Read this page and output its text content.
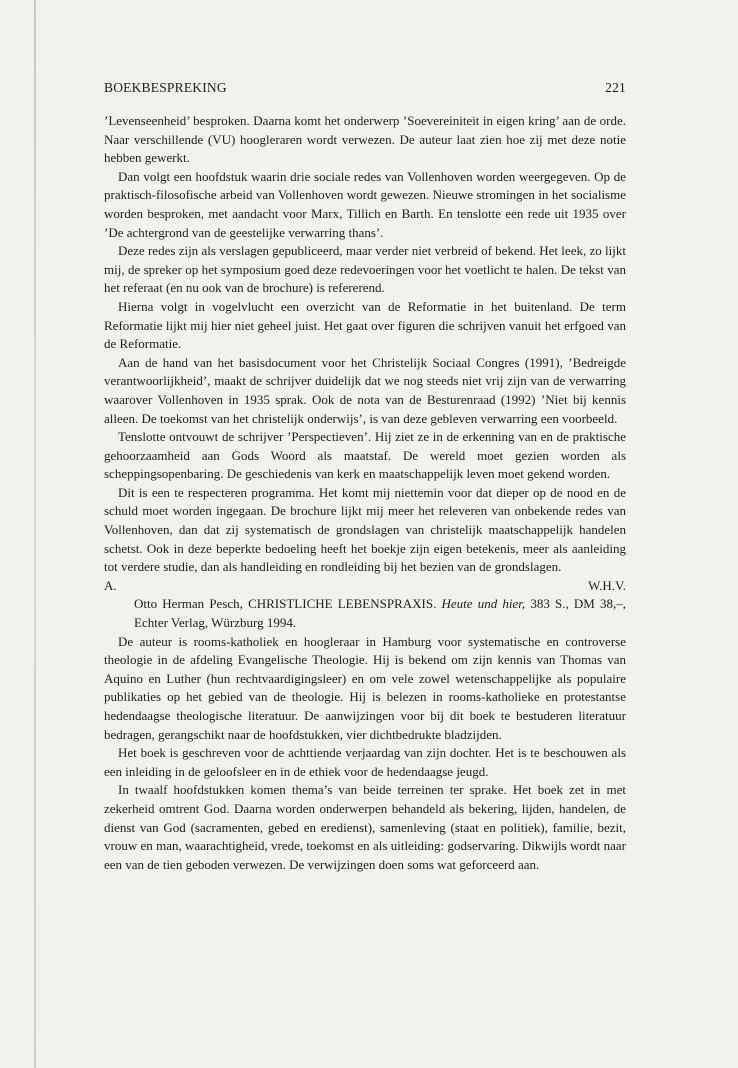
BOEKBESPREKING	221

’Levenseenheid’ besproken. Daarna komt het onderwerp ’Soevereiniteit in eigen kring’ aan de orde. Naar verschillende (VU) hoogleraren wordt verwezen. De auteur laat zien hoe zij met deze notie hebben gewerkt.

Dan volgt een hoofdstuk waarin drie sociale redes van Vollenhoven worden weergegeven. Op de praktisch-filosofische arbeid van Vollenhoven wordt gewezen. Nieuwe stromingen in het socialisme worden besproken, met aandacht voor Marx, Tillich en Barth. En tenslotte een rede uit 1935 over ’De achtergrond van de geestelijke verwarring thans’.

Deze redes zijn als verslagen gepubliceerd, maar verder niet verbreid of bekend. Het leek, zo lijkt mij, de spreker op het symposium goed deze redevoeringen voor het voetlicht te halen. De tekst van het referaat (en nu ook van de brochure) is refererend.

Hierna volgt in vogelvlucht een overzicht van de Reformatie in het buitenland. De term Reformatie lijkt mij hier niet geheel juist. Het gaat over figuren die schrijven vanuit het erfgoed van de Reformatie.

Aan de hand van het basisdocument voor het Christelijk Sociaal Congres (1991), ’Bedreigde verantwoorlijkheid’, maakt de schrijver duidelijk dat we nog steeds niet vrij zijn van de verwarring waarover Vollenhoven in 1935 sprak. Ook de nota van de Besturenraad (1992) ’Niet bij kennis alleen. De toekomst van het christelijk onderwijs’, is van deze gebleven verwarring een voorbeeld.

Tenslotte ontvouwt de schrijver ’Perspectieven’. Hij ziet ze in de erkenning van en de praktische gehoorzaamheid aan Gods Woord als maatstaf. De wereld moet gezien worden als scheppingsopenbaring. De geschiedenis van kerk en maatschappelijk leven moet gekend worden.

Dit is een te respecteren programma. Het komt mij niettemin voor dat dieper op de nood en de schuld moet worden ingegaan. De brochure lijkt mij meer het releveren van onbekende redes van Vollenhoven, dan dat zij systematisch de grondslagen van christelijk maatschappelijk handelen schetst. Ook in deze beperkte bedoeling heeft het boekje zijn eigen betekenis, meer als aanleiding tot verdere studie, dan als handleiding en rondleiding bij het bezien van de grondslagen.

A.	W.H.V.

Otto Herman Pesch, CHRISTLICHE LEBENSPRAXIS. Heute und hier, 383 S., DM 38,–, Echter Verlag, Würzburg 1994.

De auteur is rooms-katholiek en hoogleraar in Hamburg voor systematische en controverse theologie in de afdeling Evangelische Theologie. Hij is bekend om zijn kennis van Thomas van Aquino en Luther (hun rechtvaardigingsleer) en om vele zowel wetenschappelijke als populaire publikaties op het gebied van de theologie. Hij is belezen in rooms-katholieke en protestantse hedendaagse theologische literatuur. De aanwijzingen voor bij dit boek te bestuderen literatuur bedragen, gerangschikt naar de hoofdstukken, vier dichtbedrukte bladzijden.

Het boek is geschreven voor de achttiende verjaardag van zijn dochter. Het is te beschouwen als een inleiding in de geloofsleer en in de ethiek voor de hedendaagse jeugd.

In twaalf hoofdstukken komen thema’s van beide terreinen ter sprake. Het boek zet in met zekerheid omtrent God. Daarna worden onderwerpen behandeld als bekering, lijden, handelen, de dienst van God (sacramenten, gebed en eredienst), samenleving (staat en politiek), familie, bezit, vrouw en man, waarachtigheid, vrede, toekomst en als uitleiding: godservaring. Dikwijls wordt naar een van de tien geboden verwezen. De verwijzingen doen soms wat geforceerd aan.
